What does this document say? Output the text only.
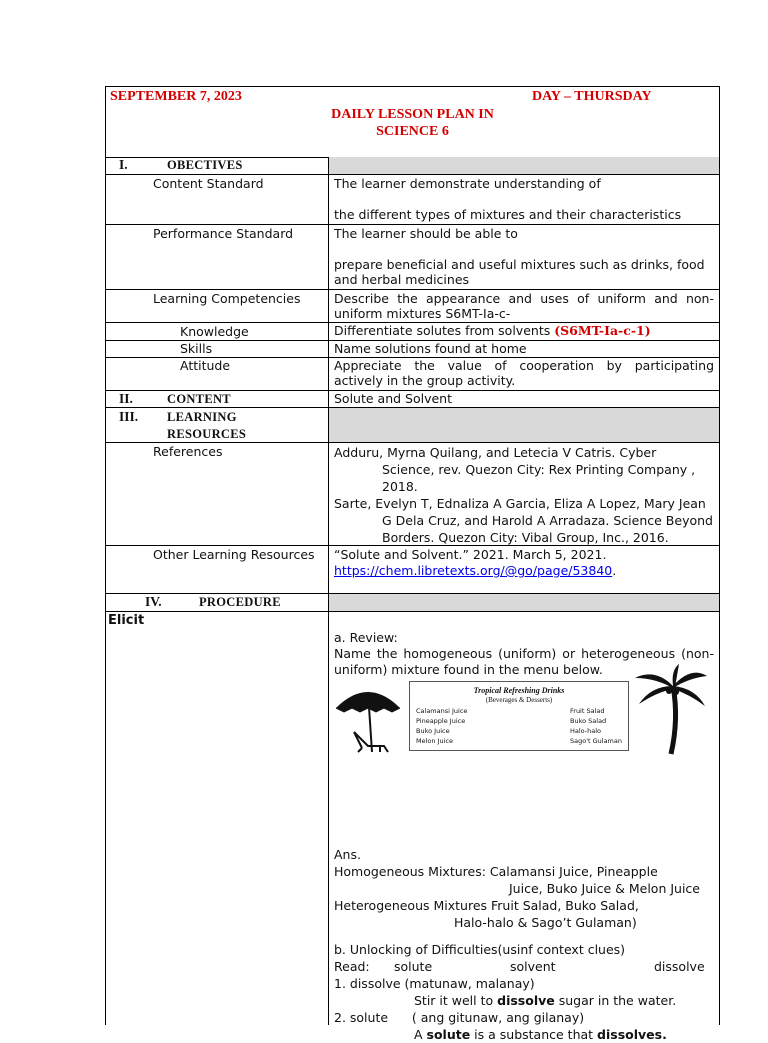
SEPTEMBER 7, 2023	DAY – THURSDAY
DAILY LESSON PLAN IN
SCIENCE 6
I.	OBECTIVES
Content Standard	The learner demonstrate understanding of
the different types of mixtures and their characteristics
Performance Standard	The learner should be able to
prepare beneficial and useful mixtures such as drinks, food and herbal medicines
Learning Competencies	Describe the appearance and uses of uniform and non-uniform mixtures S6MT-Ia-c-
Knowledge	Differentiate solutes from solvents (S6MT-Ia-c-1)
Skills	Name solutions found at home
Attitude	Appreciate the value of cooperation by participating actively in the group activity.
II.	CONTENT	Solute and Solvent
III. LEARNING
RESOURCES
References	Adduru, Myrna Quilang, and Letecia V Catris. Cyber
Science, rev. Quezon City: Rex Printing Company ,
2018.
Sarte, Evelyn T, Ednaliza A Garcia, Eliza A Lopez, Mary Jean
G Dela Cruz, and Harold A Arradaza. Science Beyond
Borders. Quezon City: Vibal Group, Inc., 2016.
Other Learning Resources “Solute and Solvent.” 2021. March 5, 2021.
https://chem.libretexts.org/@go/page/53840.
IV.	PROCEDURE
Elicit
a. Review:
Name the homogeneous (uniform) or heterogeneous (non-uniform) mixture found in the menu below.
Tropical Refreshing Drinks
(Beverages & Desserts)
Calamansi Juice
Pineapple Juice
Buko Juice
Melon Juice
Fruit Salad
Buko Salad
Halo-halo
Sago't Gulaman
Ans.
Homogeneous Mixtures: Calamansi Juice, Pineapple
Juice, Buko Juice & Melon Juice
Heterogeneous Mixtures Fruit Salad, Buko Salad,
Halo-halo & Sago’t Gulaman)
b. Unlocking of Difficulties(usinf context clues)
Read: solute	solvent	dissolve
1. dissolve (matunaw, malanay)
Stir it well to dissolve sugar in the water.
2. solute      ( ang gitunaw, ang gilanay)
A solute is a substance that dissolves.
